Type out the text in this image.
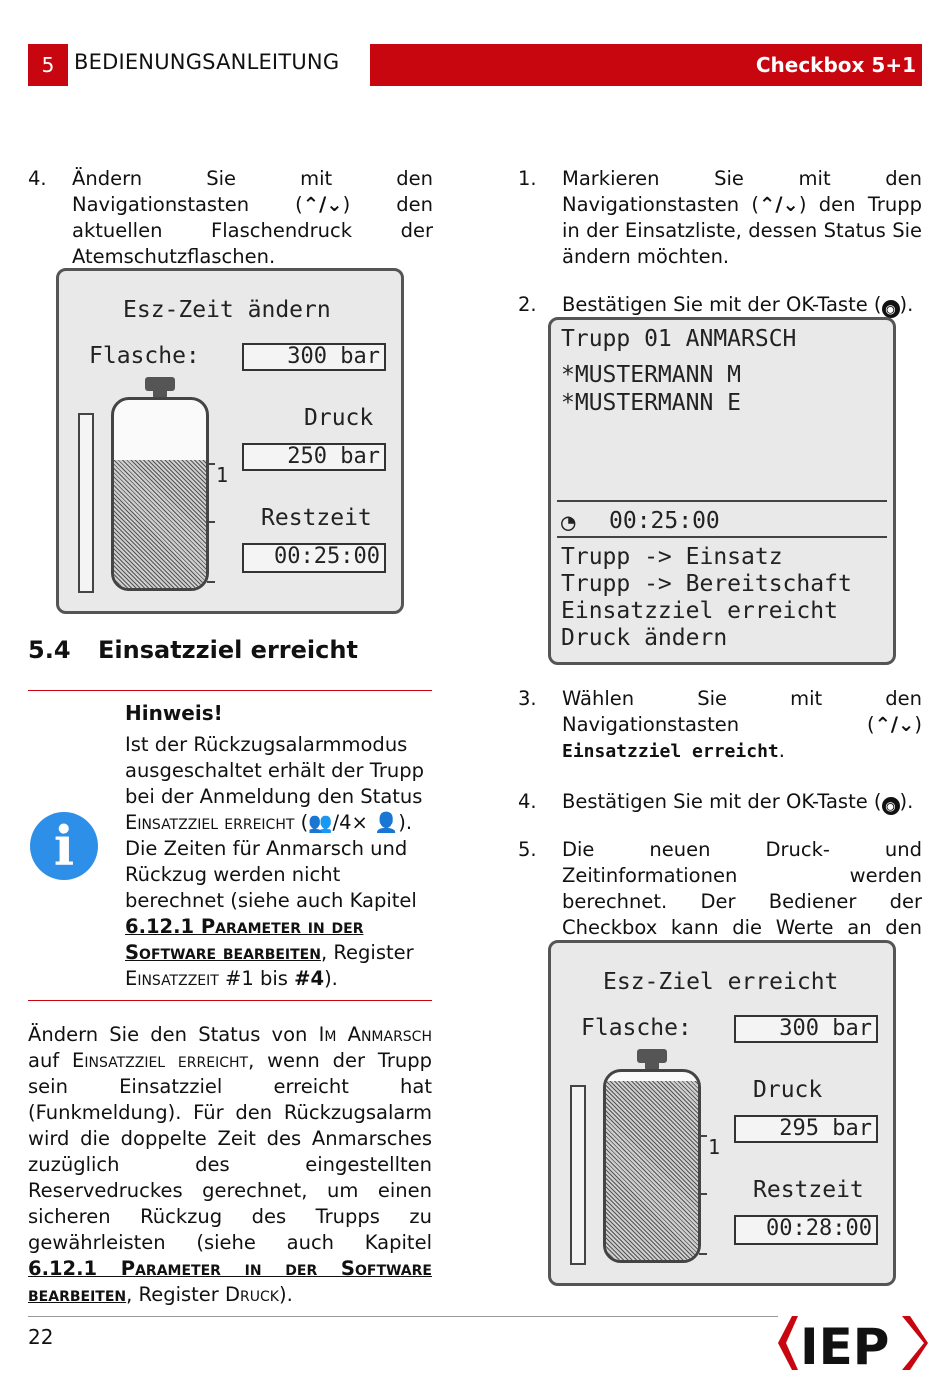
5 BEDIENUNGSANLEITUNG	Checkbox 5+1
4.	Ändern Sie mit den Navigationstasten (⌃/⌄) den aktuellen Flaschendruck der Atemschutzflaschen.
Esz-Zeit ändern
Flasche:	300 bar
1
Druck
250 bar
Restzeit
00:25:00
5.4 Einsatzziel erreicht
i
Hinweis!
Ist der Rückzugsalarmmodus ausgeschaltet erhält der Trupp bei der Anmeldung den Status Einsatzziel erreicht (👥/4× 👤). Die Zeiten für Anmarsch und Rückzug werden nicht berechnet (siehe auch Kapitel 6.12.1 Parameter in der Software bearbeiten, Register Einsatzzeit #1 bis #4).
Ändern Sie den Status von Im Anmarsch auf Einsatzziel erreicht, wenn der Trupp sein Einsatzziel erreicht hat (Funkmeldung). Für den Rückzugsalarm wird die doppelte Zeit des Anmarsches zuzüglich des eingestellten Reservedruckes gerechnet, um einen sicheren Rückzug des Trupps zu gewährleisten (siehe auch Kapitel 6.12.1 Parameter in der Software bearbeiten, Register Druck).
1.	Markieren Sie mit den Navigationstasten (⌃/⌄) den Trupp in der Einsatzliste, dessen Status Sie ändern möchten.
2.	Bestätigen Sie mit der OK-Taste ( ◉ ).
Trupp 01 ANMARSCH
*MUSTERMANN M
*MUSTERMANN E
◔ 00:25:00
Trupp -> Einsatz
Trupp -> Bereitschaft
Einsatzziel erreicht
Druck ändern
3.	Wählen Sie mit den Navigationstasten (⌃/⌄) Einsatzziel erreicht.
4.	Bestätigen Sie mit der OK-Taste ( ◉ ).
5.	Die neuen Druck- und Zeitinformationen werden berechnet. Der Bediener der Checkbox kann die Werte an den
Esz-Ziel erreicht
Flasche:	300 bar
1
Druck
295 bar
Restzeit
00:28:00
22	IEP
